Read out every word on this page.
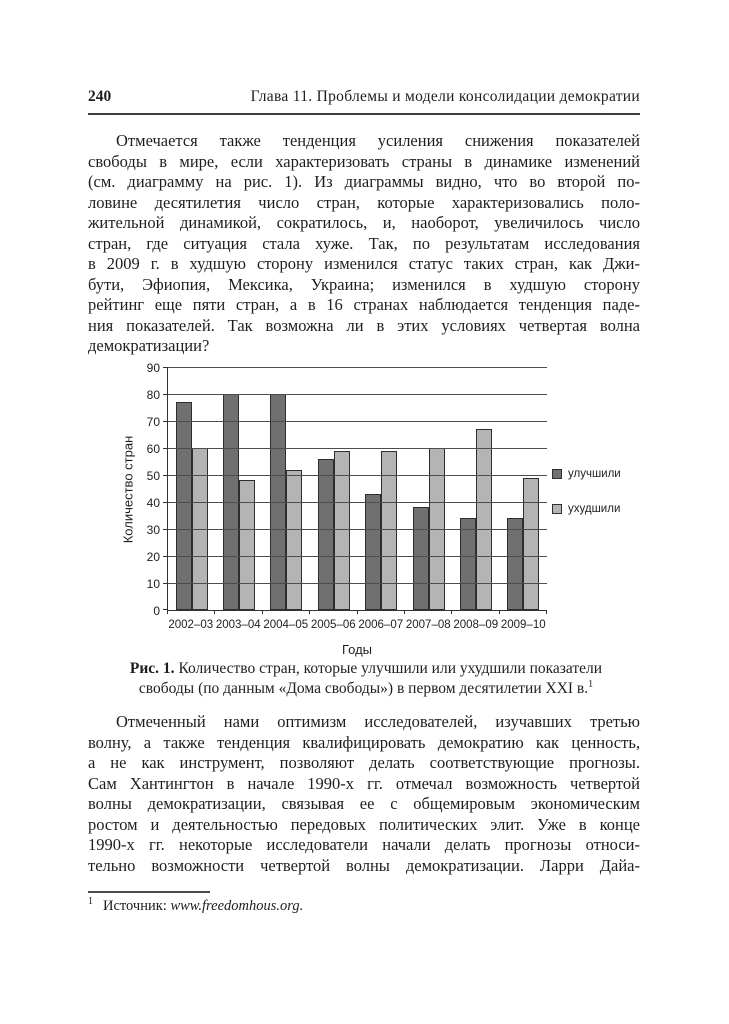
240	Глава 11. Проблемы и модели консолидации демократии
Отмечается также тенденция усиления снижения показателей
свободы в мире, если характеризовать страны в динамике изменений
(см. диаграмму на рис. 1). Из диаграммы видно, что во второй по-
ловине десятилетия число стран, которые характеризовались поло-
жительной динамикой, сократилось, и, наоборот, увеличилось число
стран, где ситуация стала хуже. Так, по результатам исследования
в 2009 г. в худшую сторону изменился статус таких стран, как Джи-
бути, Эфиопия, Мексика, Украина; изменился в худшую сторону
рейтинг еще пяти стран, а в 16 странах наблюдается тенденция паде-
ния показателей. Так возможна ли в этих условиях четвертая волна
демократизации?
Количество стран
0
10
20
30
40
50
60
70
80
90
2002–03 2003–04 2004–05 2005–06 2006–07 2007–08 2008–09 2009–10
Годы
улучшили
ухудшили
Рис. 1. Количество стран, которые улучшили или ухудшили показатели
свободы (по данным «Дома свободы») в первом десятилетии XXI в.$^1$
Отмеченный нами оптимизм исследователей, изучавших третью
волну, а также тенденция квалифицировать демократию как ценность,
а не как инструмент, позволяют делать соответствующие прогнозы.
Сам Хантингтон в начале 1990-х гг. отмечал возможность четвертой
волны демократизации, связывая ее с общемировым экономическим
ростом и деятельностью передовых политических элит. Уже в конце
1990-х гг. некоторые исследователи начали делать прогнозы относи-
тельно возможности четвертой волны демократизации. Ларри Дайа-
$^1$ Источник: www.freedomhous.org.
